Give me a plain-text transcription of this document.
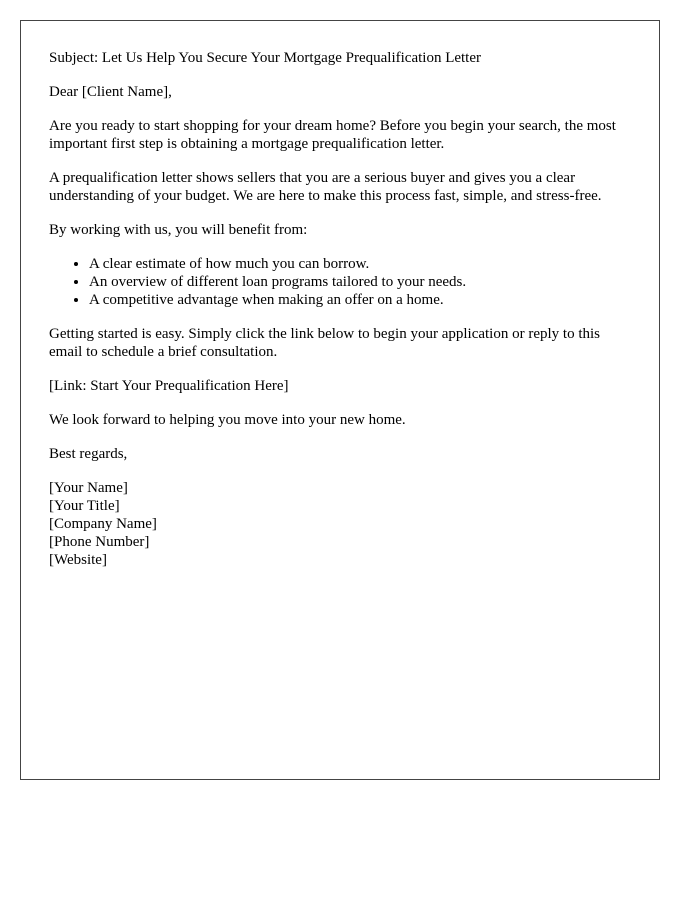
Subject: Let Us Help You Secure Your Mortgage Prequalification Letter

Dear [Client Name],

Are you ready to start shopping for your dream home? Before you begin your search, the most important first step is obtaining a mortgage prequalification letter.

A prequalification letter shows sellers that you are a serious buyer and gives you a clear understanding of your budget. We are here to make this process fast, simple, and stress-free.

By working with us, you will benefit from:

• A clear estimate of how much you can borrow.
• An overview of different loan programs tailored to your needs.
• A competitive advantage when making an offer on a home.

Getting started is easy. Simply click the link below to begin your application or reply to this email to schedule a brief consultation.

[Link: Start Your Prequalification Here]

We look forward to helping you move into your new home.

Best regards,

[Your Name]
[Your Title]
[Company Name]
[Phone Number]
[Website]
